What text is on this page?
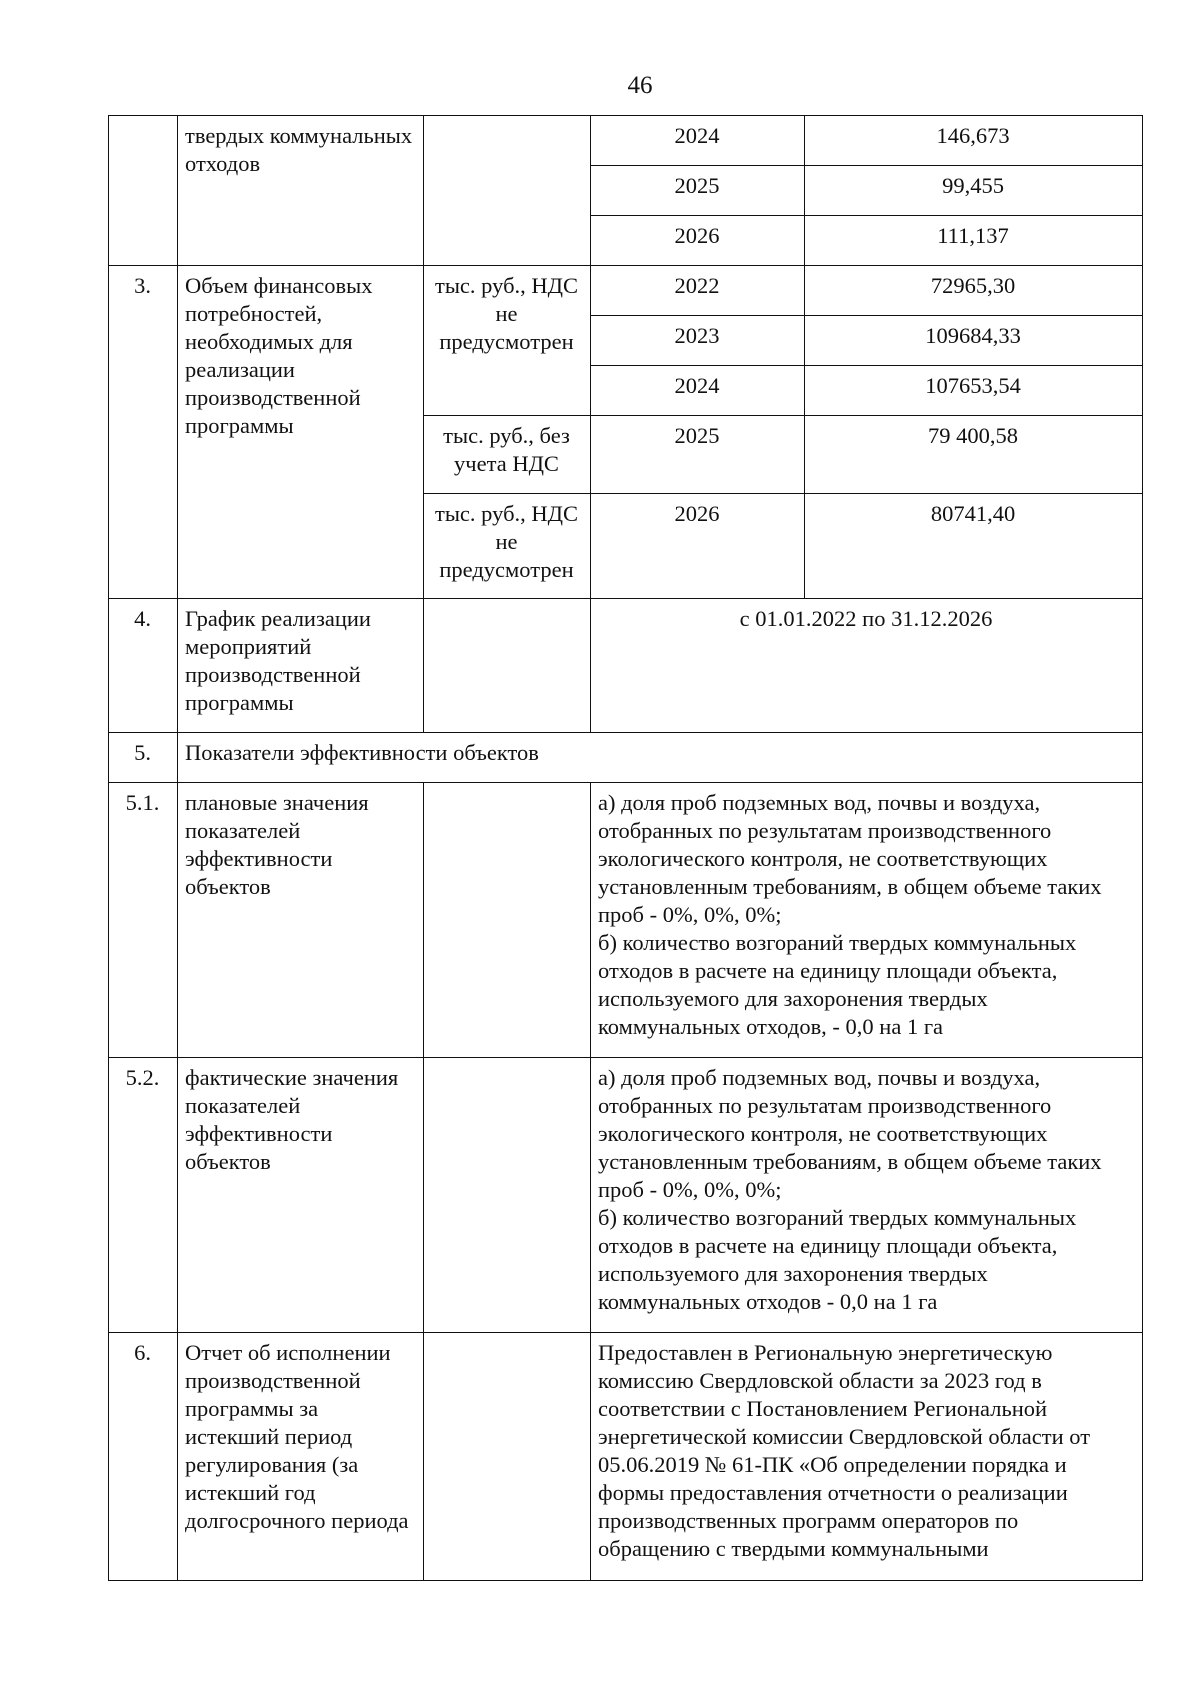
46
	твердых коммунальных отходов		2024	146,673
			2025	99,455
			2026	111,137
3.	Объем финансовых потребностей, необходимых для реализации производственной программы	тыс. руб., НДС не предусмотрен	2022	72965,30
			2023	109684,33
			2024	107653,54
		тыс. руб., без учета НДС	2025	79 400,58
		тыс. руб., НДС не предусмотрен	2026	80741,40
4.	График реализации мероприятий производственной программы		с 01.01.2022 по 31.12.2026	
5.	Показатели эффективности объектов			
5.1.	плановые значения показателей эффективности объектов		а) доля проб подземных вод, почвы и воздуха, отобранных по результатам производственного экологического контроля, не соответствующих установленным требованиям, в общем объеме таких проб - 0%, 0%, 0%;
б) количество возгораний твердых коммунальных отходов в расчете на единицу площади объекта, используемого для захоронения твердых коммунальных отходов, - 0,0 на 1 га	

5.2.	фактические значения показателей эффективности объектов		а) доля проб подземных вод, почвы и воздуха, отобранных по результатам производственного экологического контроля, не соответствующих установленным требованиям, в общем объеме таких проб - 0%, 0%, 0%;
б) количество возгораний твердых коммунальных отходов в расчете на единицу площади объекта, используемого для захоронения твердых коммунальных отходов - 0,0 на 1 га	

6.	Отчет об исполнении производственной программы за истекший период регулирования (за истекший год долгосрочного периода		Предоставлен в Региональную энергетическую комиссию Свердловской области за 2023 год в соответствии с Постановлением Региональной энергетической комиссии Свердловской области от 05.06.2019 № 61-ПК «Об определении порядка и формы предоставления отчетности о реализации производственных программ операторов по обращению с твердыми коммунальными	
